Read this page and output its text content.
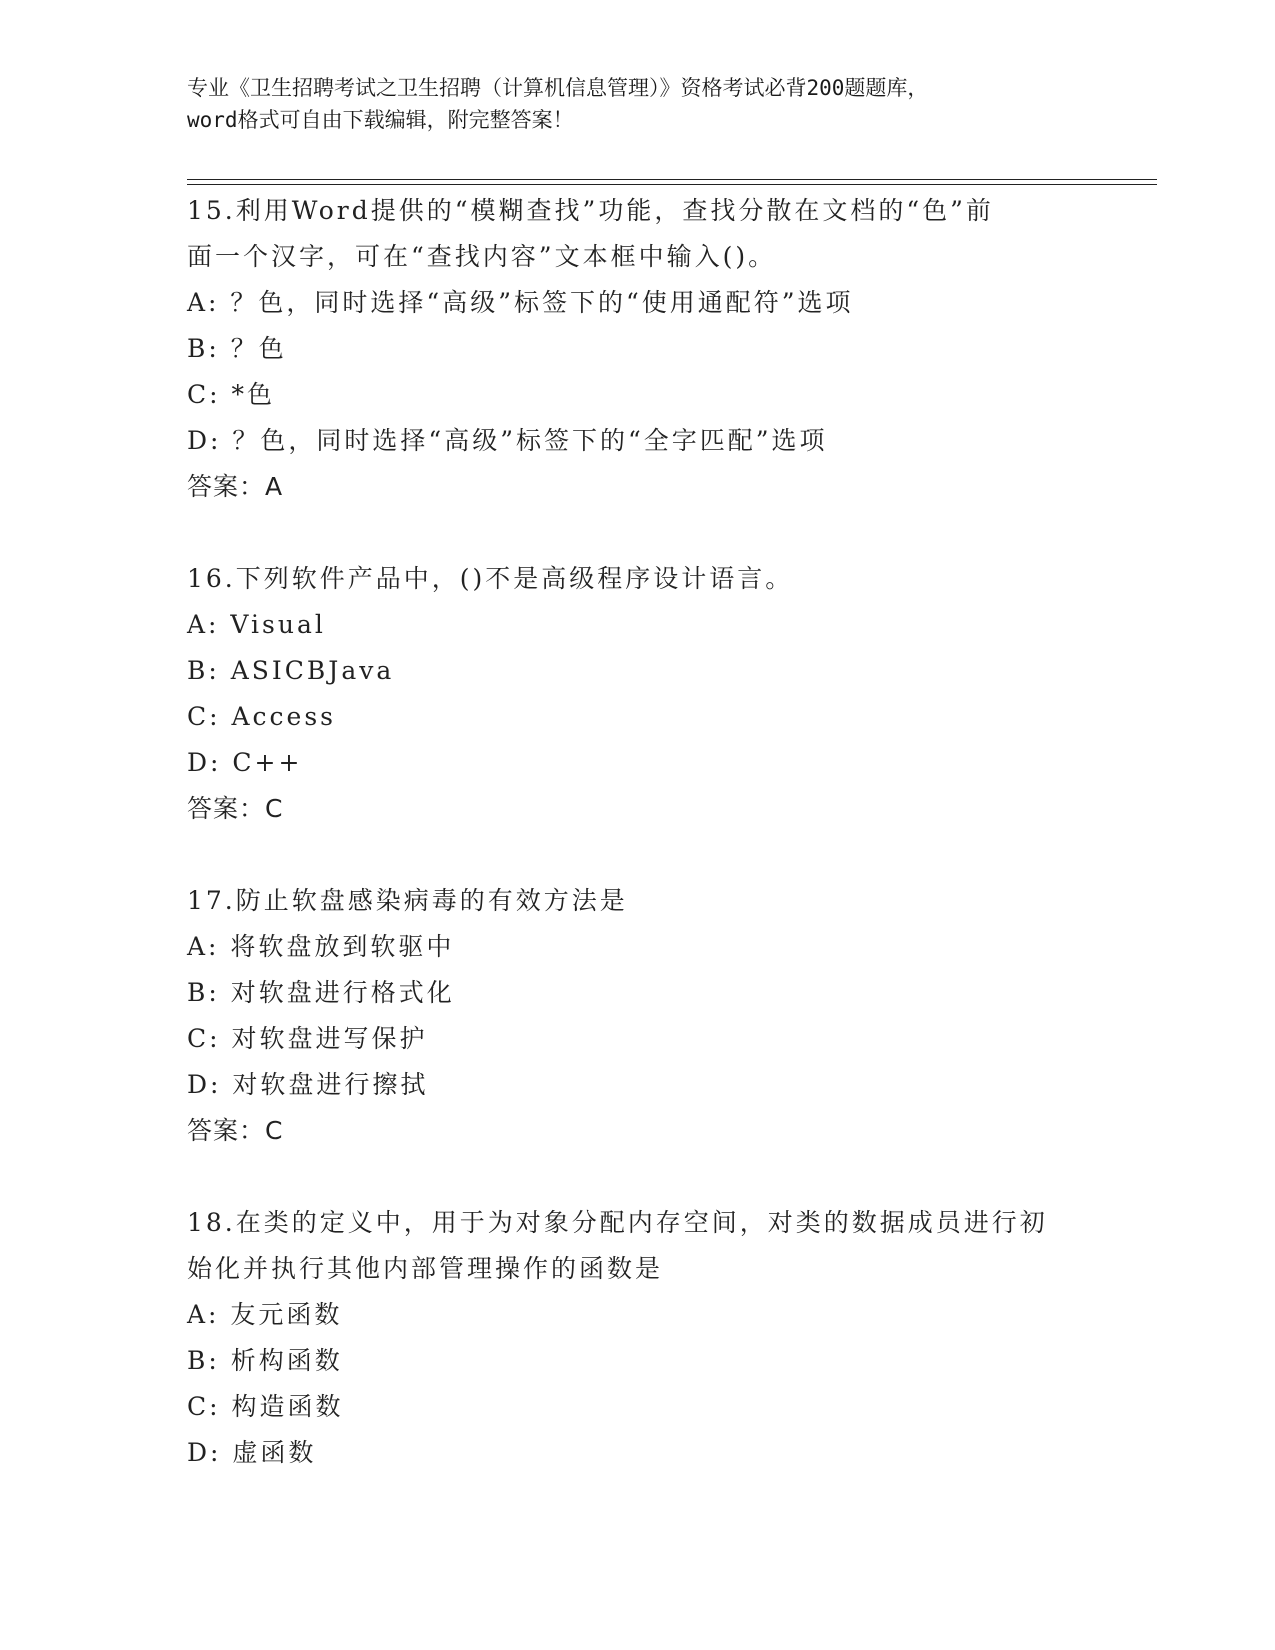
专业《卫生招聘考试之卫生招聘（计算机信息管理）》资格考试必背200题题库，
word格式可自由下载编辑，附完整答案！
15.利用Word提供的“模糊查找”功能，查找分散在文档的“色”前
面一个汉字，可在“查找内容”文本框中输入()。
A: ？色，同时选择“高级”标签下的“使用通配符”选项
B: ？色
C: *色
D: ？色，同时选择“高级”标签下的“全字匹配”选项
答案：A
16.下列软件产品中，()不是高级程序设计语言。
A: Visual
B: ASICBJava
C: Access
D: C++
答案：C
17.防止软盘感染病毒的有效方法是
A: 将软盘放到软驱中
B: 对软盘进行格式化
C: 对软盘进写保护
D: 对软盘进行擦拭
答案：C
18.在类的定义中，用于为对象分配内存空间，对类的数据成员进行初
始化并执行其他内部管理操作的函数是
A: 友元函数
B: 析构函数
C: 构造函数
D: 虚函数
